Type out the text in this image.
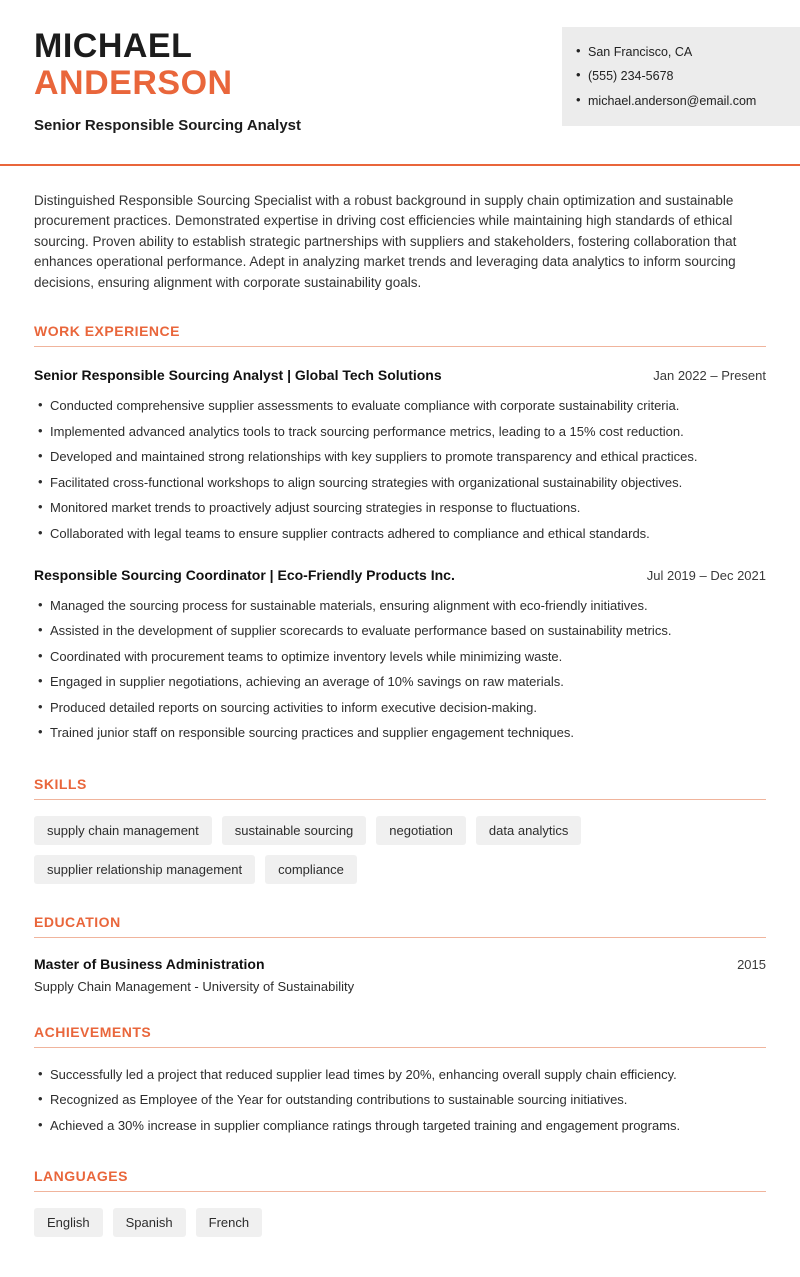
MICHAEL
ANDERSON
Senior Responsible Sourcing Analyst
• San Francisco, CA
• (555) 234-5678
• michael.anderson@email.com

Distinguished Responsible Sourcing Specialist with a robust background in supply chain optimization and sustainable procurement practices. Demonstrated expertise in driving cost efficiencies while maintaining high standards of ethical sourcing. Proven ability to establish strategic partnerships with suppliers and stakeholders, fostering collaboration that enhances operational performance. Adept in analyzing market trends and leveraging data analytics to inform sourcing decisions, ensuring alignment with corporate sustainability goals.

WORK EXPERIENCE
Senior Responsible Sourcing Analyst | Global Tech Solutions	Jan 2022 – Present
• Conducted comprehensive supplier assessments to evaluate compliance with corporate sustainability criteria.
• Implemented advanced analytics tools to track sourcing performance metrics, leading to a 15% cost reduction.
• Developed and maintained strong relationships with key suppliers to promote transparency and ethical practices.
• Facilitated cross-functional workshops to align sourcing strategies with organizational sustainability objectives.
• Monitored market trends to proactively adjust sourcing strategies in response to fluctuations.
• Collaborated with legal teams to ensure supplier contracts adhered to compliance and ethical standards.
Responsible Sourcing Coordinator | Eco-Friendly Products Inc.	Jul 2019 – Dec 2021
• Managed the sourcing process for sustainable materials, ensuring alignment with eco-friendly initiatives.
• Assisted in the development of supplier scorecards to evaluate performance based on sustainability metrics.
• Coordinated with procurement teams to optimize inventory levels while minimizing waste.
• Engaged in supplier negotiations, achieving an average of 10% savings on raw materials.
• Produced detailed reports on sourcing activities to inform executive decision-making.
• Trained junior staff on responsible sourcing practices and supplier engagement techniques.
SKILLS
supply chain management	sustainable sourcing	negotiation	data analytics
supplier relationship management	compliance
EDUCATION
Master of Business Administration	2015
Supply Chain Management - University of Sustainability
ACHIEVEMENTS
• Successfully led a project that reduced supplier lead times by 20%, enhancing overall supply chain efficiency.
• Recognized as Employee of the Year for outstanding contributions to sustainable sourcing initiatives.
• Achieved a 30% increase in supplier compliance ratings through targeted training and engagement programs.
LANGUAGES
English	Spanish	French
